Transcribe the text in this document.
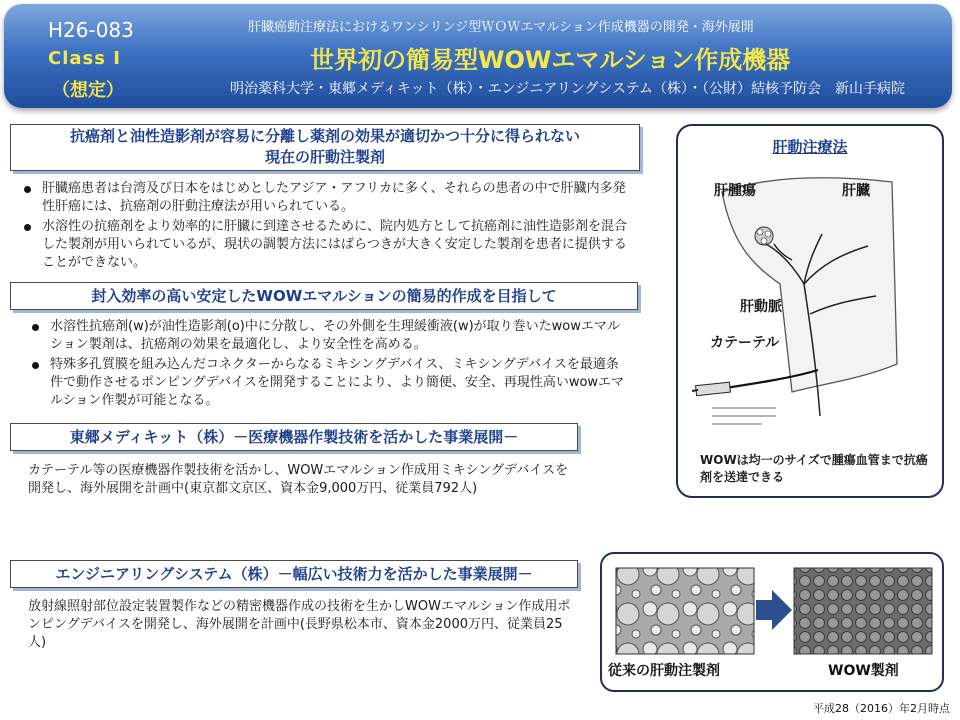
H26-083
Class Ⅰ
（想定）
肝臓癌動注療法におけるワンシリンジ型ＷＯＷエマルション作成機器の開発・海外展開
世界初の簡易型WOWエマルション作成機器
明治薬科大学・東郷メディキット（株）・エンジニアリングシステム（株）・（公財）結核予防会　新山手病院
抗癌剤と油性造影剤が容易に分離し薬剤の効果が適切かつ十分に得られない
現在の肝動注製剤
肝臓癌患者は台湾及び日本をはじめとしたアジア・アフリカに多く、それらの患者の中で肝臓内多発性肝癌には、抗癌剤の肝動注療法が用いられている。
水溶性の抗癌剤をより効率的に肝臓に到達させるために、院内処方として抗癌剤に油性造影剤を混合した製剤が用いられているが、現状の調製方法にはばらつきが大きく安定した製剤を患者に提供することができない。
封入効率の高い安定したWOWエマルションの簡易的作成を目指して
水溶性抗癌剤(w)が油性造影剤(o)中に分散し、その外側を生理緩衝液(w)が取り巻いたwowエマルション製剤は、抗癌剤の効果を最適化し、より安全性を高める。
特殊多孔質膜を組み込んだコネクターからなるミキシングデバイス、ミキシングデバイスを最適条件で動作させるポンピングデバイスを開発することにより、より簡便、安全、再現性高いwowエマルション作製が可能となる。
東郷メディキット（株）－医療機器作製技術を活かした事業展開－
カテーテル等の医療機器作製技術を活かし、WOWエマルション作成用ミキシングデバイスを開発し、海外展開を計画中(東京都文京区、資本金9,000万円、従業員792人)
エンジニアリングシステム（株）－幅広い技術力を活かした事業展開－
放射線照射部位設定装置製作などの精密機器作成の技術を生かしWOWエマルション作成用ポンピングデバイスを開発し、海外展開を計画中(長野県松本市、資本金2000万円、従業員25人)
肝動注療法
肝腫瘍	肝臓
肝動脈
カテーテル
WOWは均一のサイズで腫瘍血管まで抗癌剤を送達できる
従来の肝動注製剤	WOW製剤
平成28（2016）年2月時点
